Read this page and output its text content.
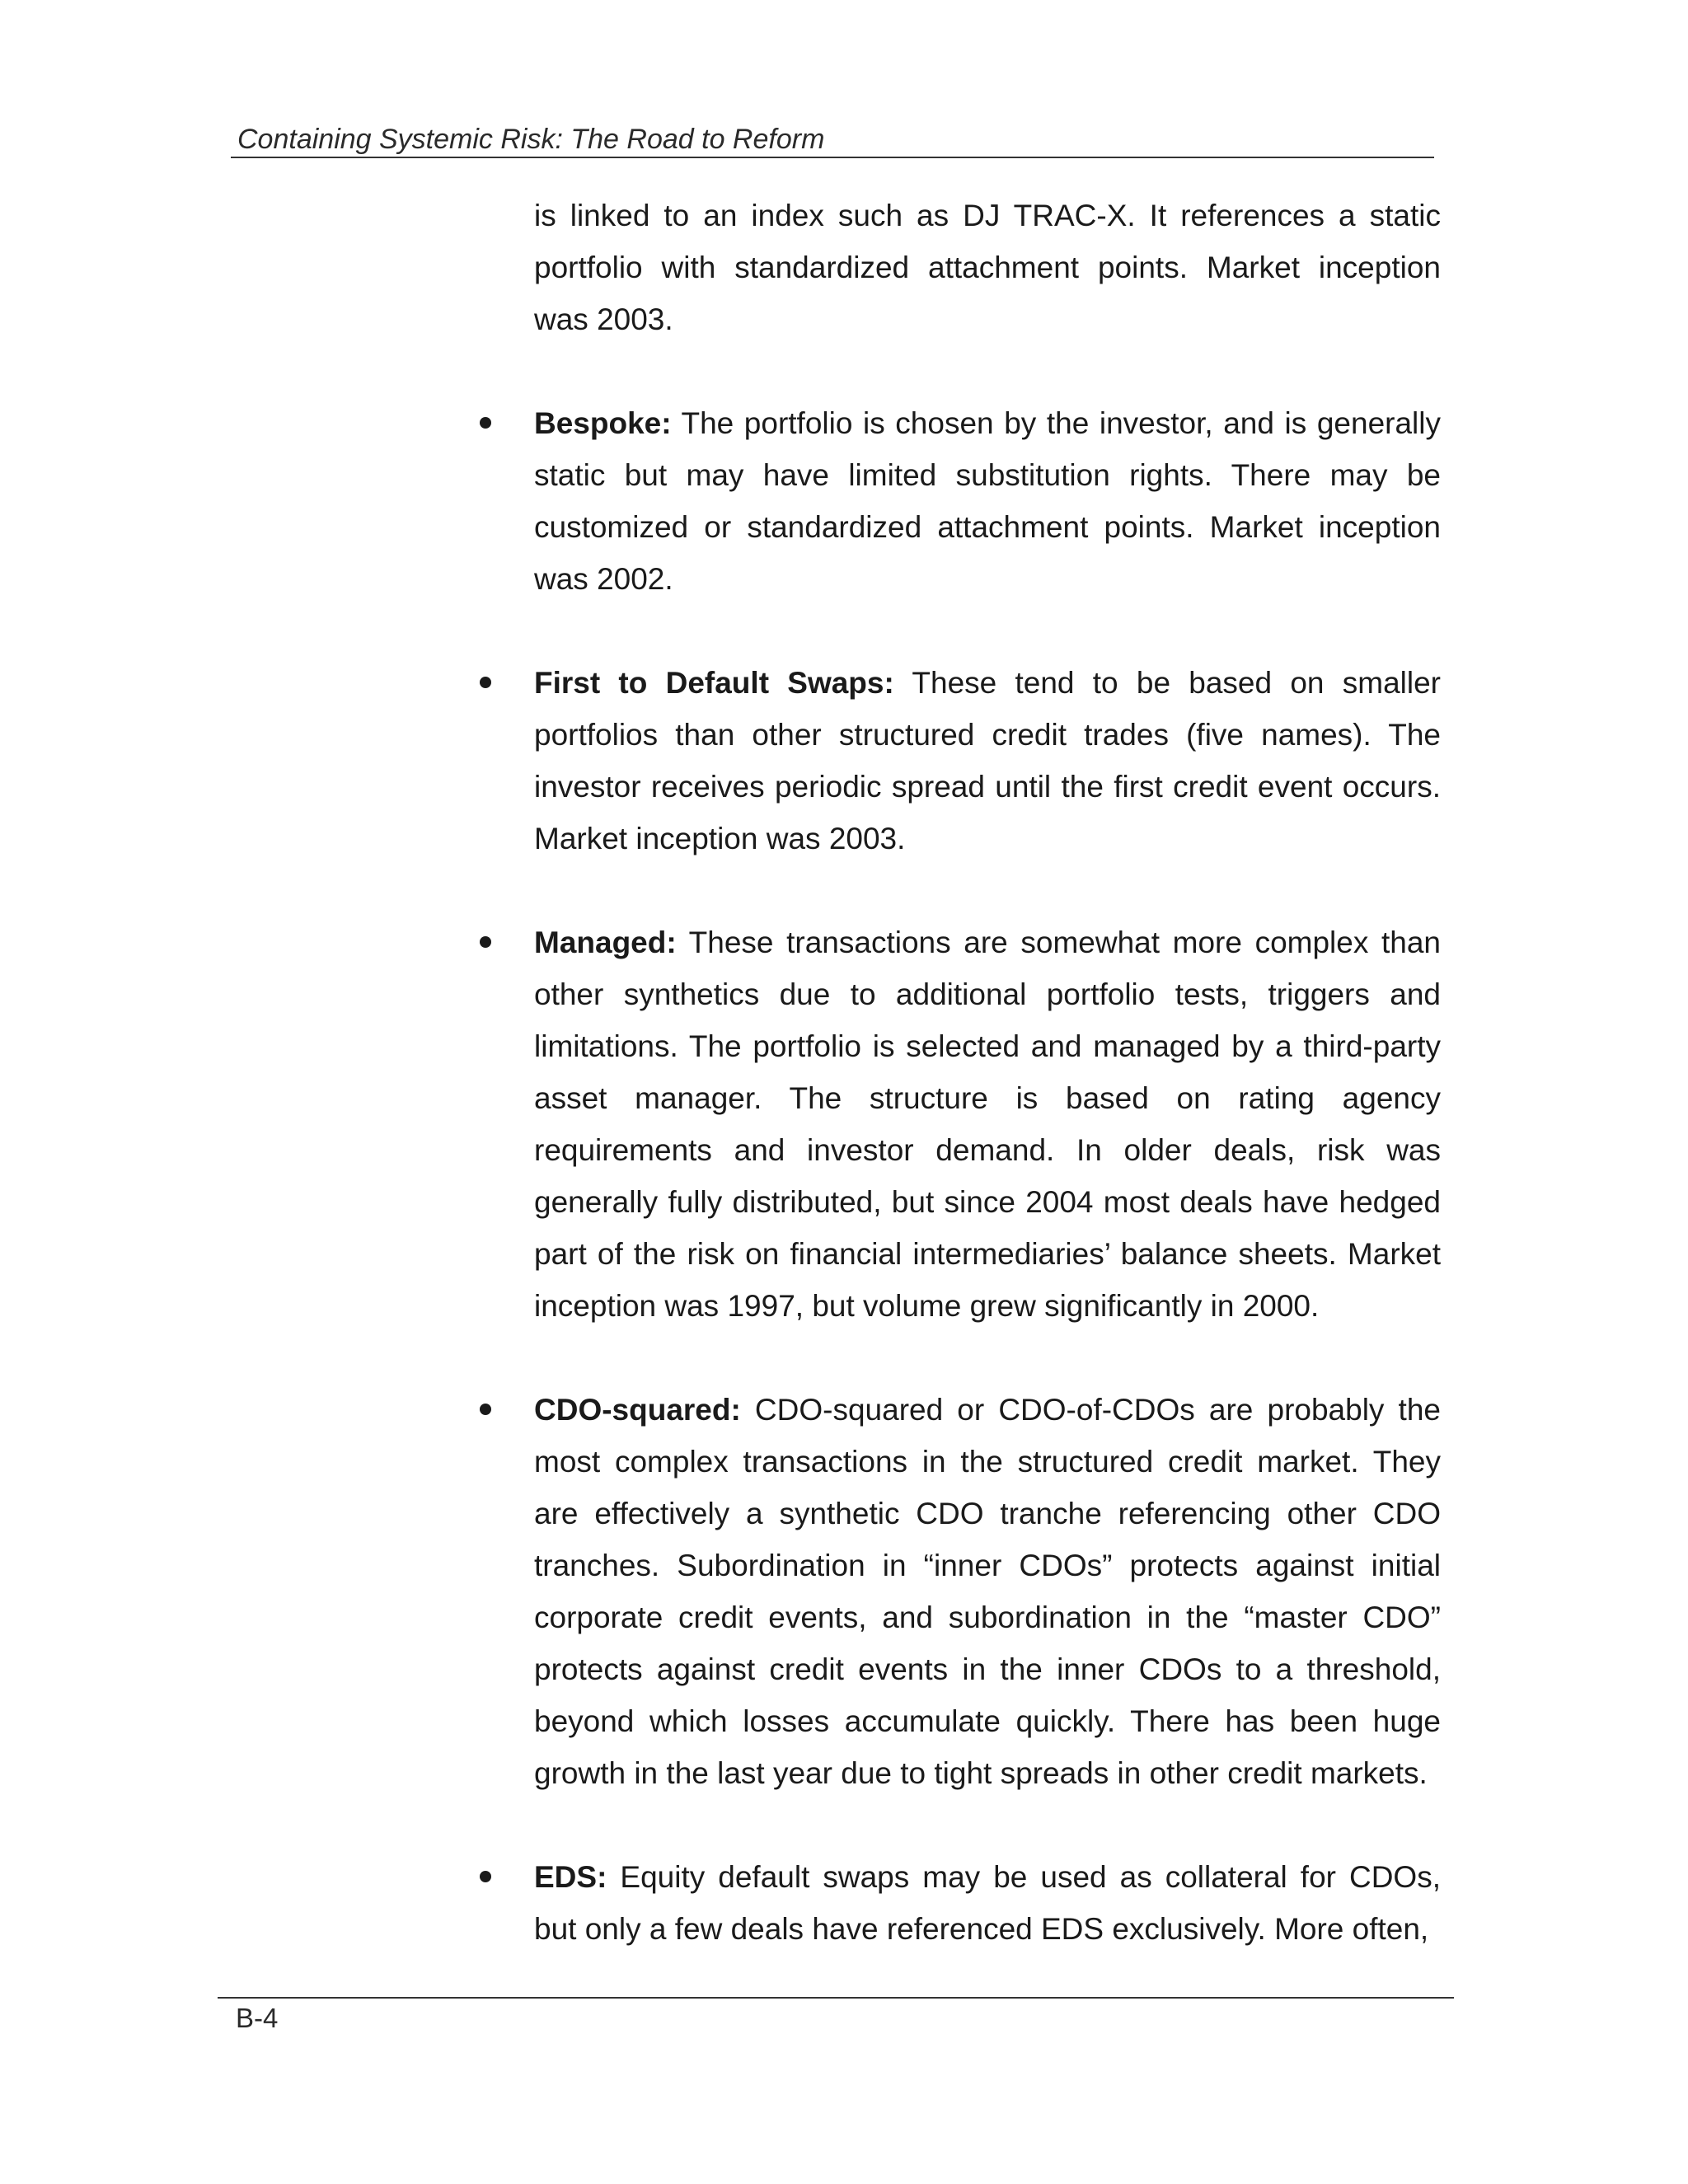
Containing Systemic Risk: The Road to Reform

is linked to an index such as DJ TRAC-X. It references a static portfolio with standardized attachment points. Market inception was 2003.

Bespoke: The portfolio is chosen by the investor, and is generally static but may have limited substitution rights. There may be customized or standardized attachment points. Market inception was 2002.

First to Default Swaps: These tend to be based on smaller portfolios than other structured credit trades (five names). The investor receives periodic spread until the first credit event occurs. Market inception was 2003.

Managed: These transactions are somewhat more complex than other synthetics due to additional portfolio tests, triggers and limitations. The portfolio is selected and managed by a third-party asset manager. The structure is based on rating agency requirements and investor demand. In older deals, risk was generally fully distributed, but since 2004 most deals have hedged part of the risk on financial intermediaries’ balance sheets. Market inception was 1997, but volume grew significantly in 2000.

CDO-squared: CDO-squared or CDO-of-CDOs are probably the most complex transactions in the structured credit market. They are effectively a synthetic CDO tranche referencing other CDO tranches. Subordination in “inner CDOs” protects against initial corporate credit events, and subordination in the “master CDO” protects against credit events in the inner CDOs to a threshold, beyond which losses accumulate quickly. There has been huge growth in the last year due to tight spreads in other credit markets.

EDS: Equity default swaps may be used as collateral for CDOs, but only a few deals have referenced EDS exclusively. More often,

B-4
